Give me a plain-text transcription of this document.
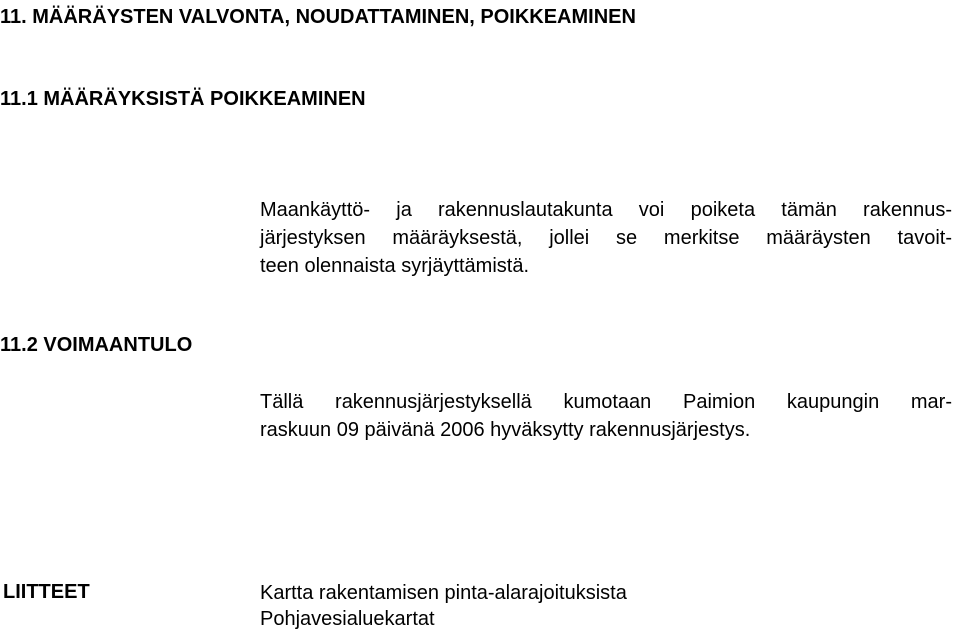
11. MÄÄRÄYSTEN VALVONTA, NOUDATTAMINEN, POIKKEAMINEN
11.1 MÄÄRÄYKSISTÄ POIKKEAMINEN

Maankäyttö- ja rakennuslautakunta voi poiketa tämän rakennus-
järjestyksen määräyksestä, jollei se merkitse määräysten tavoit-
teen olennaista syrjäyttämistä.

11.2 VOIMAANTULO

Tällä rakennusjärjestyksellä kumotaan Paimion kaupungin mar-
raskuun 09 päivänä 2006 hyväksytty rakennusjärjestys.

LIITTEET	Kartta rakentamisen pinta-alarajoituksista
Pohjavesialuekartat
